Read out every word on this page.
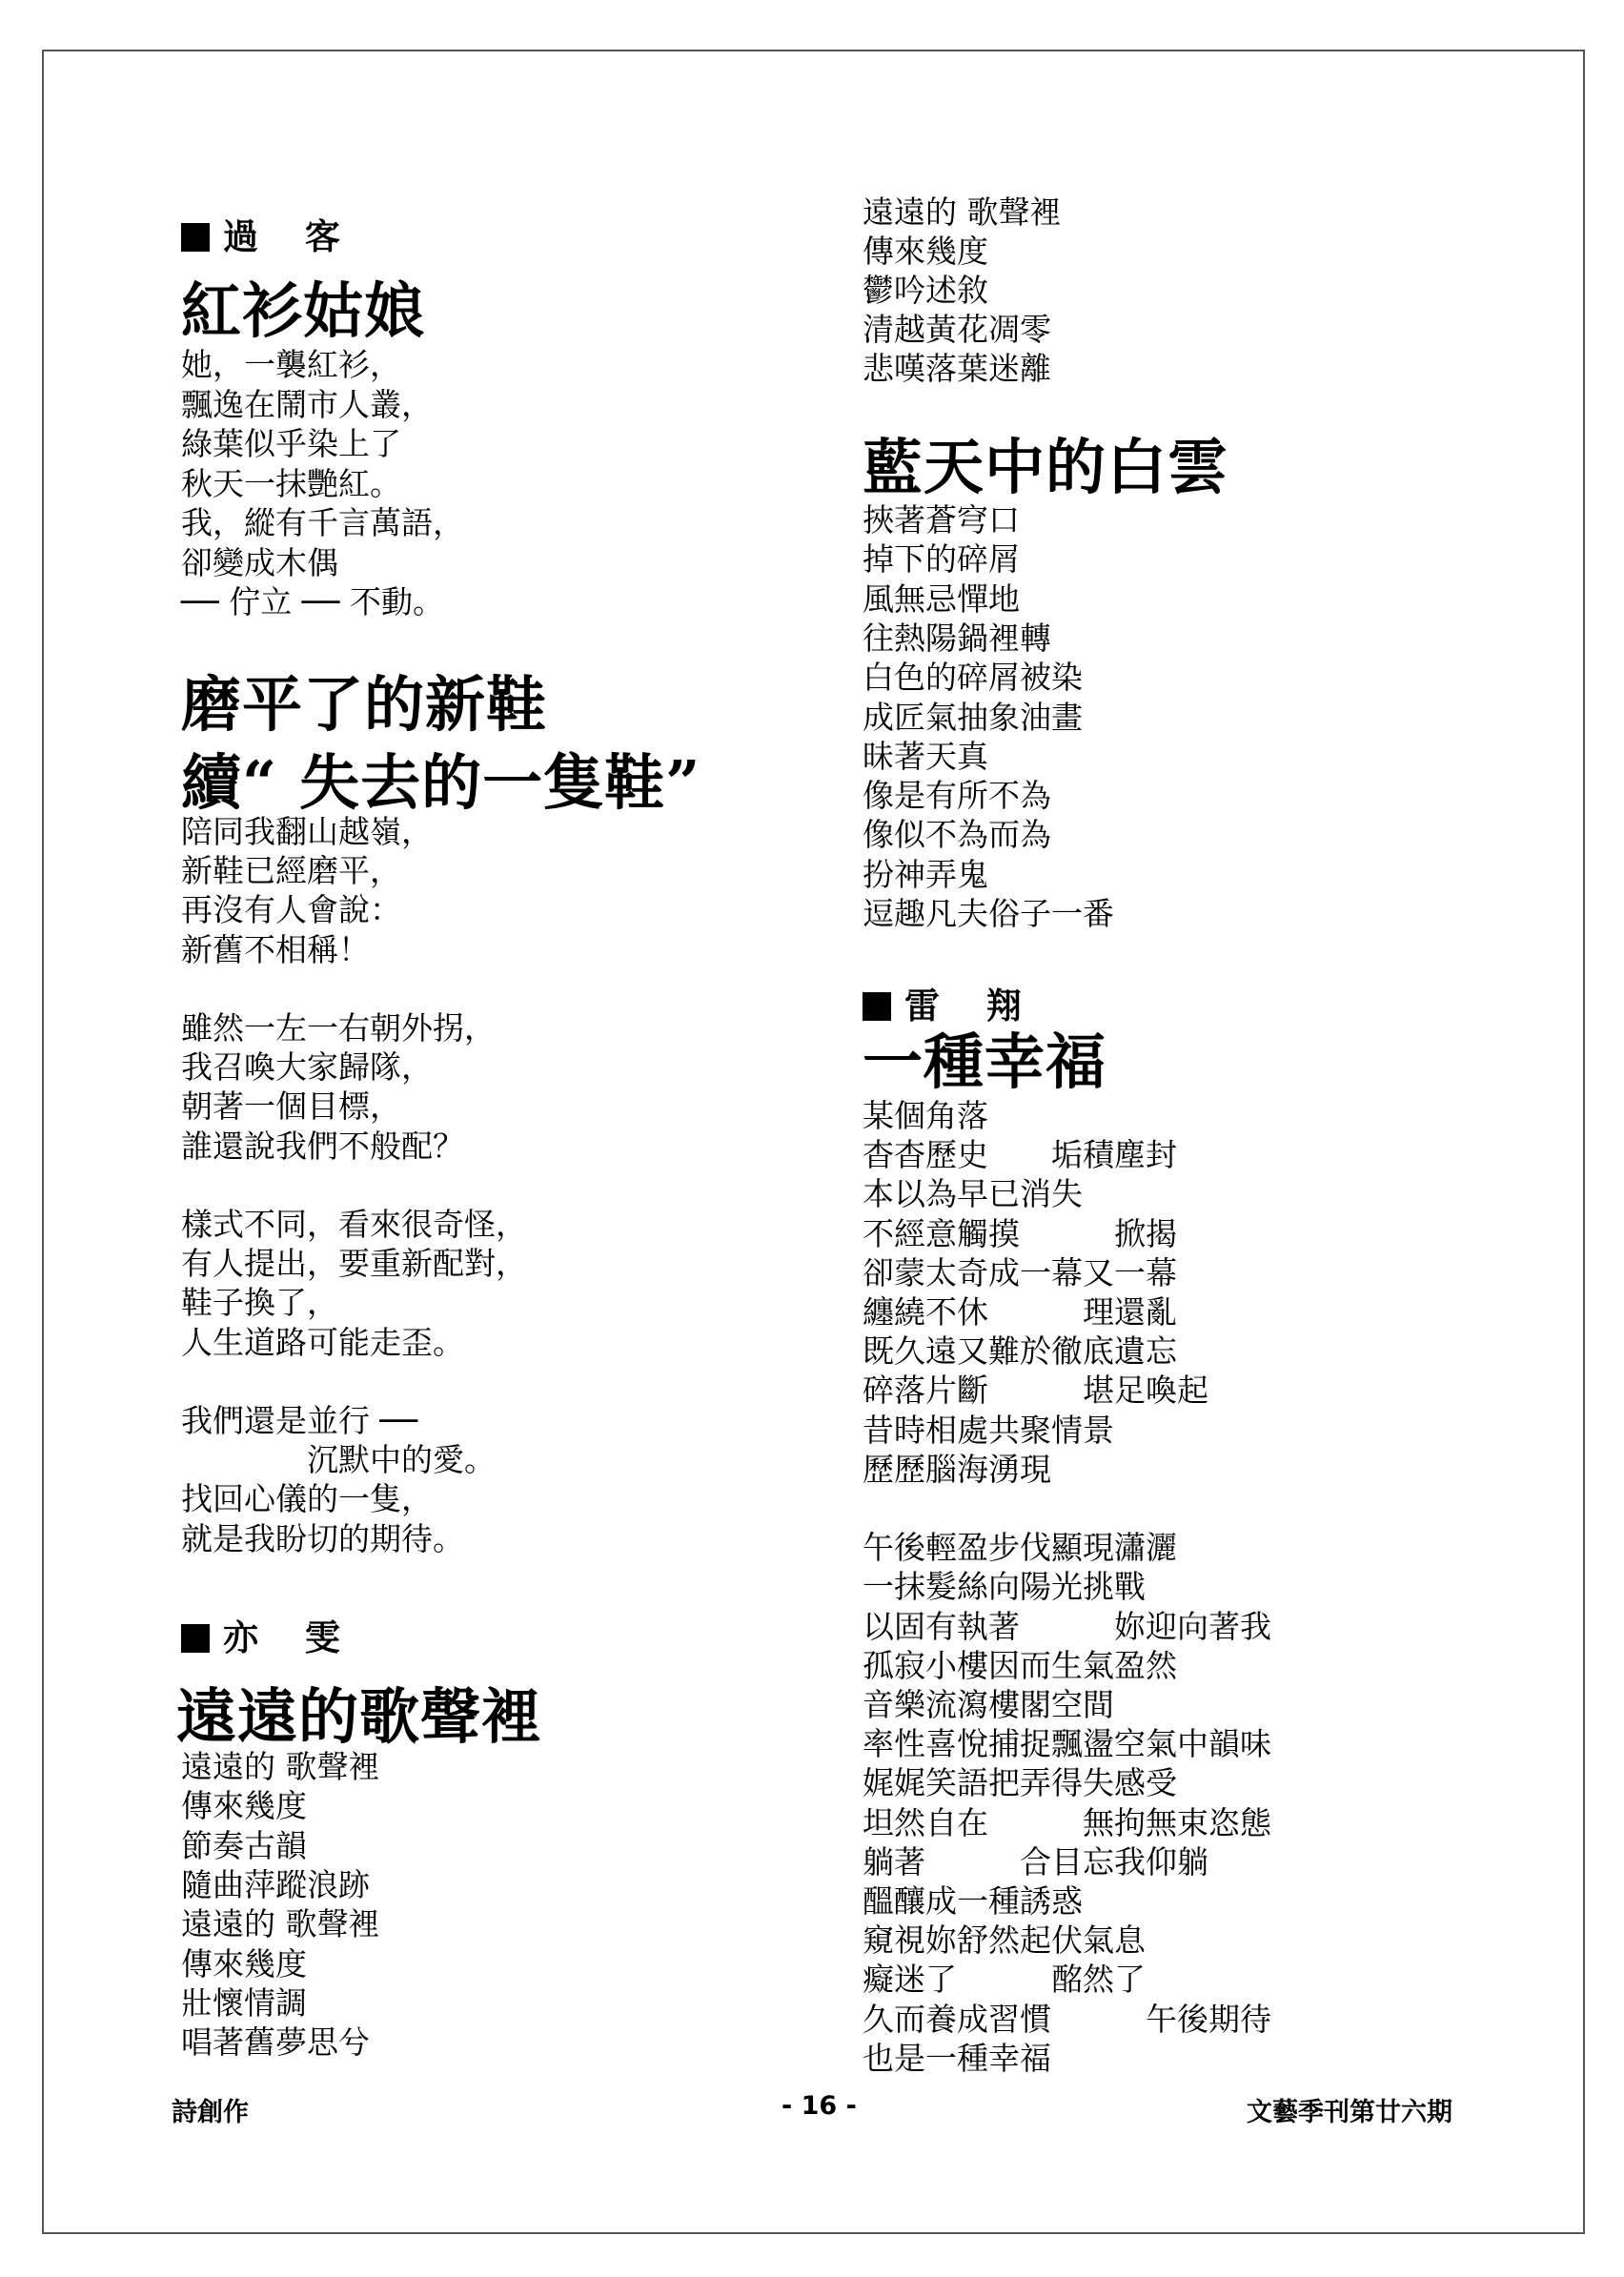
過 客
紅衫姑娘
她，一襲紅衫，
飄逸在鬧市人叢，
綠葉似乎染上了
秋天一抹艷紅。
我，縱有千言萬語，
卻變成木偶
── 佇立 ── 不動。
磨平了的新鞋
續“ 失去的一隻鞋”
陪同我翻山越嶺，
新鞋已經磨平，
再沒有人會說：
新舊不相稱！
雖然一左一右朝外拐，
我召喚大家歸隊，
朝著一個目標，
誰還說我們不般配？
樣式不同，看來很奇怪，
有人提出，要重新配對，
鞋子換了，
人生道路可能走歪。
我們還是並行 ──
　　　　沉默中的愛。
找回心儀的一隻，
就是我盼切的期待。
亦 雯
遠遠的歌聲裡
遠遠的 歌聲裡
傳來幾度
節奏古韻
隨曲萍蹤浪跡
遠遠的 歌聲裡
傳來幾度
壯懷情調
唱著舊夢思兮
遠遠的 歌聲裡
傳來幾度
鬱吟述敘
清越黃花凋零
悲嘆落葉迷離
藍天中的白雲
挾著蒼穹口
掉下的碎屑
風無忌憚地
往熱陽鍋裡轉
白色的碎屑被染
成匠氣抽象油畫
昧著天真
像是有所不為
像似不為而為
扮神弄鬼
逗趣凡夫俗子一番
雷 翔
一種幸福
某個角落
杳杳歷史　　垢積塵封
本以為早已消失
不經意觸摸　　　掀揭
卻蒙太奇成一幕又一幕
纏繞不休　　　理還亂
既久遠又難於徹底遺忘
碎落片斷　　　堪足喚起
昔時相處共聚情景
歷歷腦海湧現
午後輕盈步伐顯現瀟灑
一抹髮絲向陽光挑戰
以固有執著　　　妳迎向著我
孤寂小樓因而生氣盈然
音樂流瀉樓閣空間
率性喜悅捕捉飄盪空氣中韻味
娓娓笑語把弄得失感受
坦然自在　　　無拘無束恣態
躺著　　　合目忘我仰躺
醞釀成一種誘惑
窺視妳舒然起伏氣息
癡迷了　　　酩然了
久而養成習慣　　　午後期待
也是一種幸福
詩創作	- 16 -	文藝季刊第廿六期
